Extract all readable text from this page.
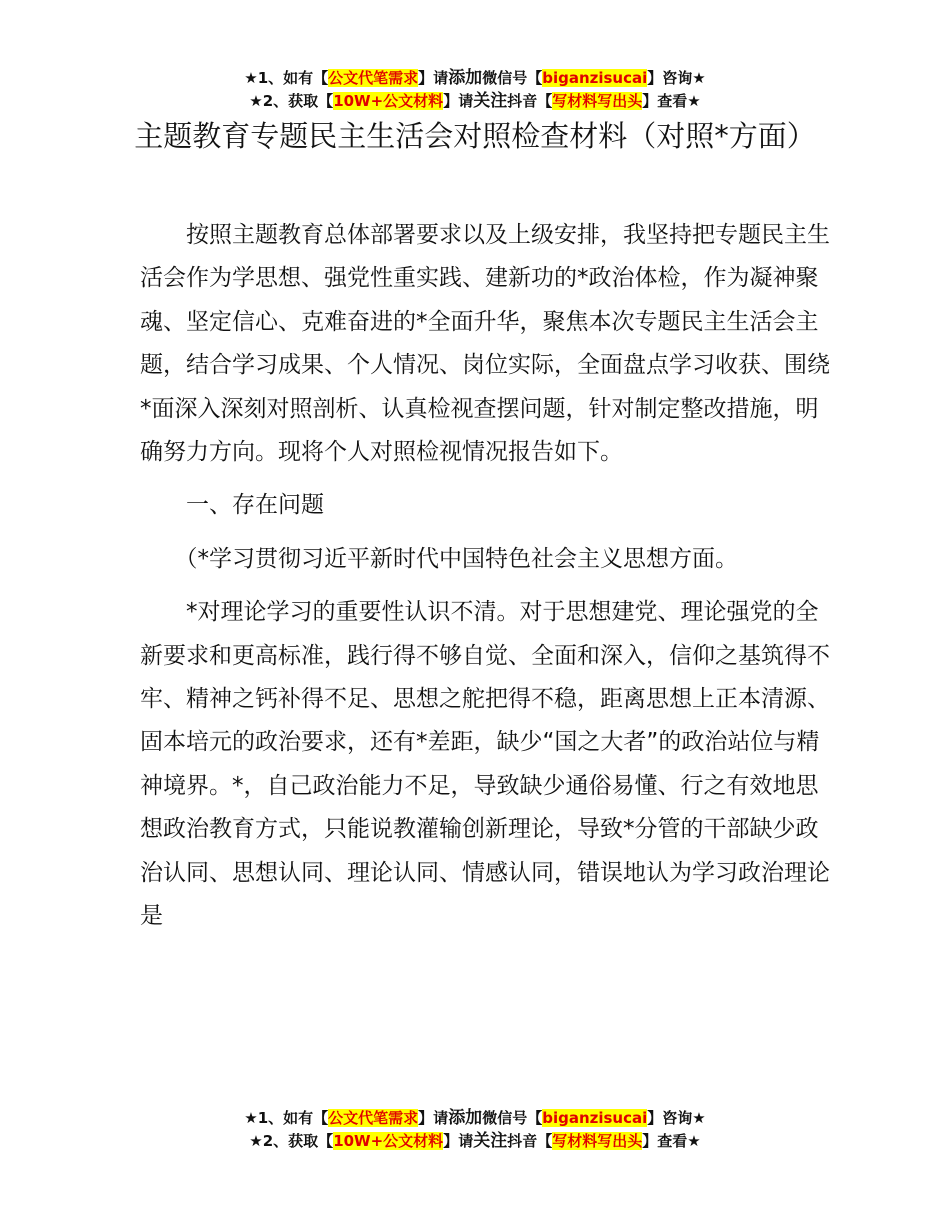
★1、如有【公文代笔需求】请添加微信号【biganzisucai】咨询★
★2、获取【10W+公文材料】请关注抖音【写材料写出头】查看★
主题教育专题民主生活会对照检查材料（对照*方面）

按照主题教育总体部署要求以及上级安排，我坚持把专题民主生活会作为学思想、强党性重实践、建新功的*政治体检，作为凝神聚魂、坚定信心、克难奋进的*全面升华，聚焦本次专题民主生活会主题，结合学习成果、个人情况、岗位实际，全面盘点学习收获、围绕*面深入深刻对照剖析、认真检视查摆问题，针对制定整改措施，明确努力方向。现将个人对照检视情况报告如下。

一、存在问题

（*学习贯彻习近平新时代中国特色社会主义思想方面。

*对理论学习的重要性认识不清。对于思想建党、理论强党的全新要求和更高标准，践行得不够自觉、全面和深入，信仰之基筑得不牢、精神之钙补得不足、思想之舵把得不稳，距离思想上正本清源、固本培元的政治要求，还有*差距，缺少“国之大者”的政治站位与精神境界。*，自己政治能力不足，导致缺少通俗易懂、行之有效地思想政治教育方式，只能说教灌输创新理论，导致*分管的干部缺少政治认同、思想认同、理论认同、情感认同，错误地认为学习政治理论是

★1、如有【公文代笔需求】请添加微信号【biganzisucai】咨询★
★2、获取【10W+公文材料】请关注抖音【写材料写出头】查看★
